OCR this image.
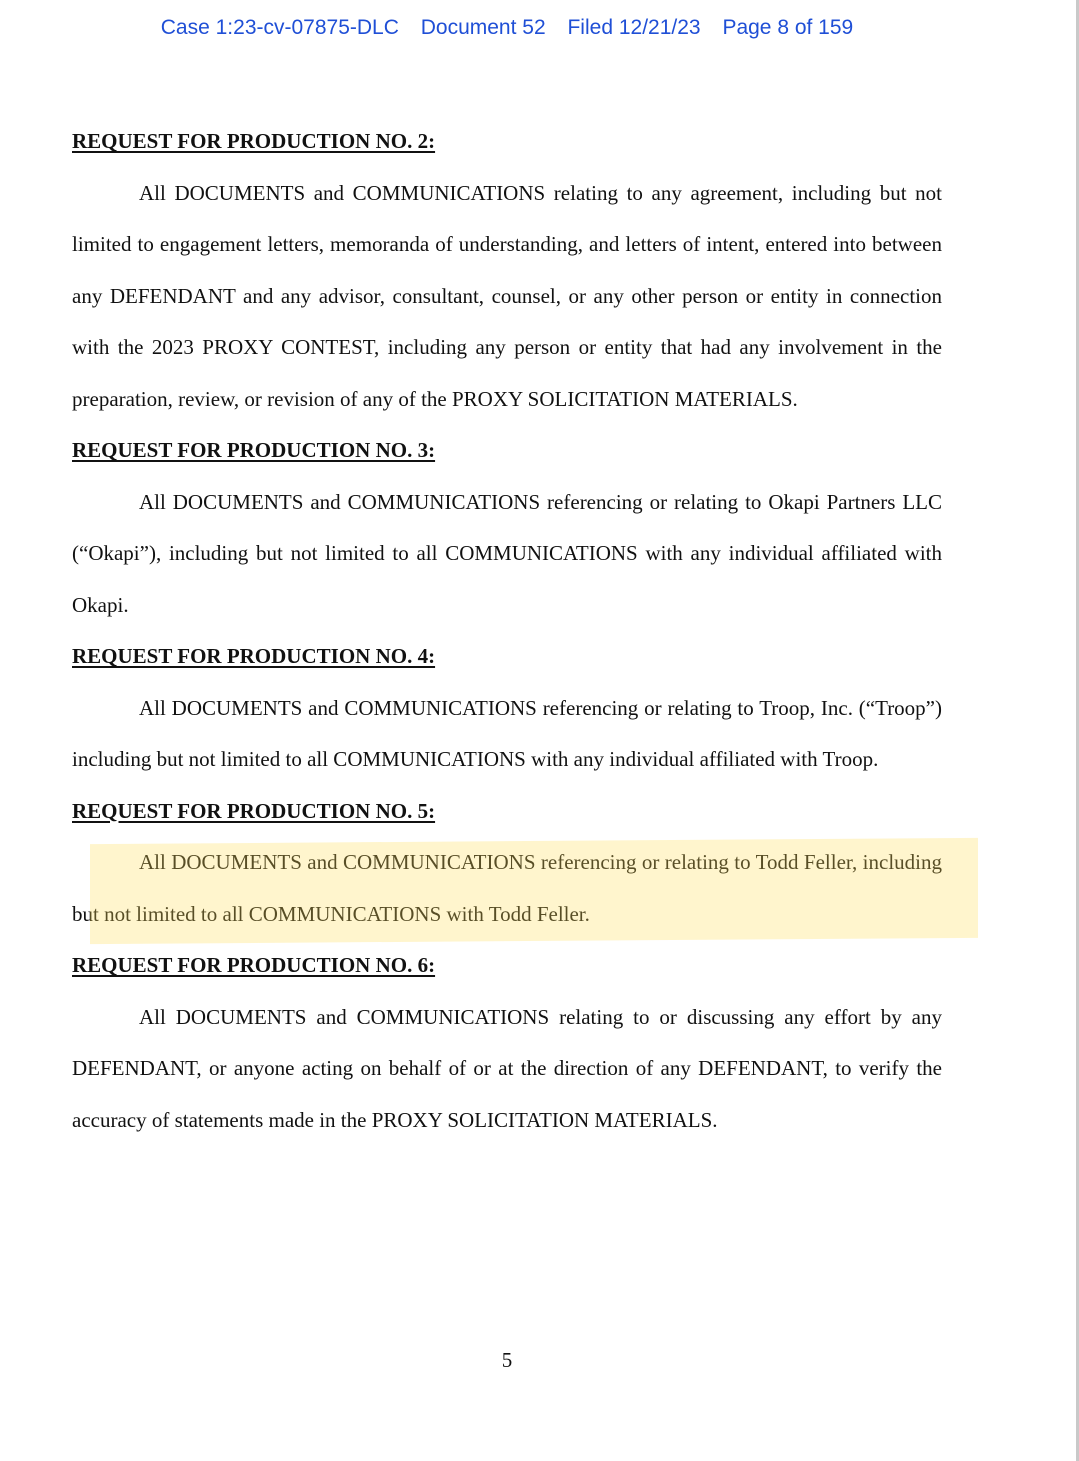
Case 1:23-cv-07875-DLC Document 52 Filed 12/21/23 Page 8 of 159

REQUEST FOR PRODUCTION NO. 2:

All DOCUMENTS and COMMUNICATIONS relating to any agreement, including but not limited to engagement letters, memoranda of understanding, and letters of intent, entered into between any DEFENDANT and any advisor, consultant, counsel, or any other person or entity in connection with the 2023 PROXY CONTEST, including any person or entity that had any involvement in the preparation, review, or revision of any of the PROXY SOLICITATION MATERIALS.

REQUEST FOR PRODUCTION NO. 3:

All DOCUMENTS and COMMUNICATIONS referencing or relating to Okapi Partners LLC (“Okapi”), including but not limited to all COMMUNICATIONS with any individual affiliated with Okapi.

REQUEST FOR PRODUCTION NO. 4:

All DOCUMENTS and COMMUNICATIONS referencing or relating to Troop, Inc. (“Troop”) including but not limited to all COMMUNICATIONS with any individual affiliated with Troop.

REQUEST FOR PRODUCTION NO. 5:

All DOCUMENTS and COMMUNICATIONS referencing or relating to Todd Feller, including but not limited to all COMMUNICATIONS with Todd Feller.

REQUEST FOR PRODUCTION NO. 6:

All DOCUMENTS and COMMUNICATIONS relating to or discussing any effort by any DEFENDANT, or anyone acting on behalf of or at the direction of any DEFENDANT, to verify the accuracy of statements made in the PROXY SOLICITATION MATERIALS.

5
